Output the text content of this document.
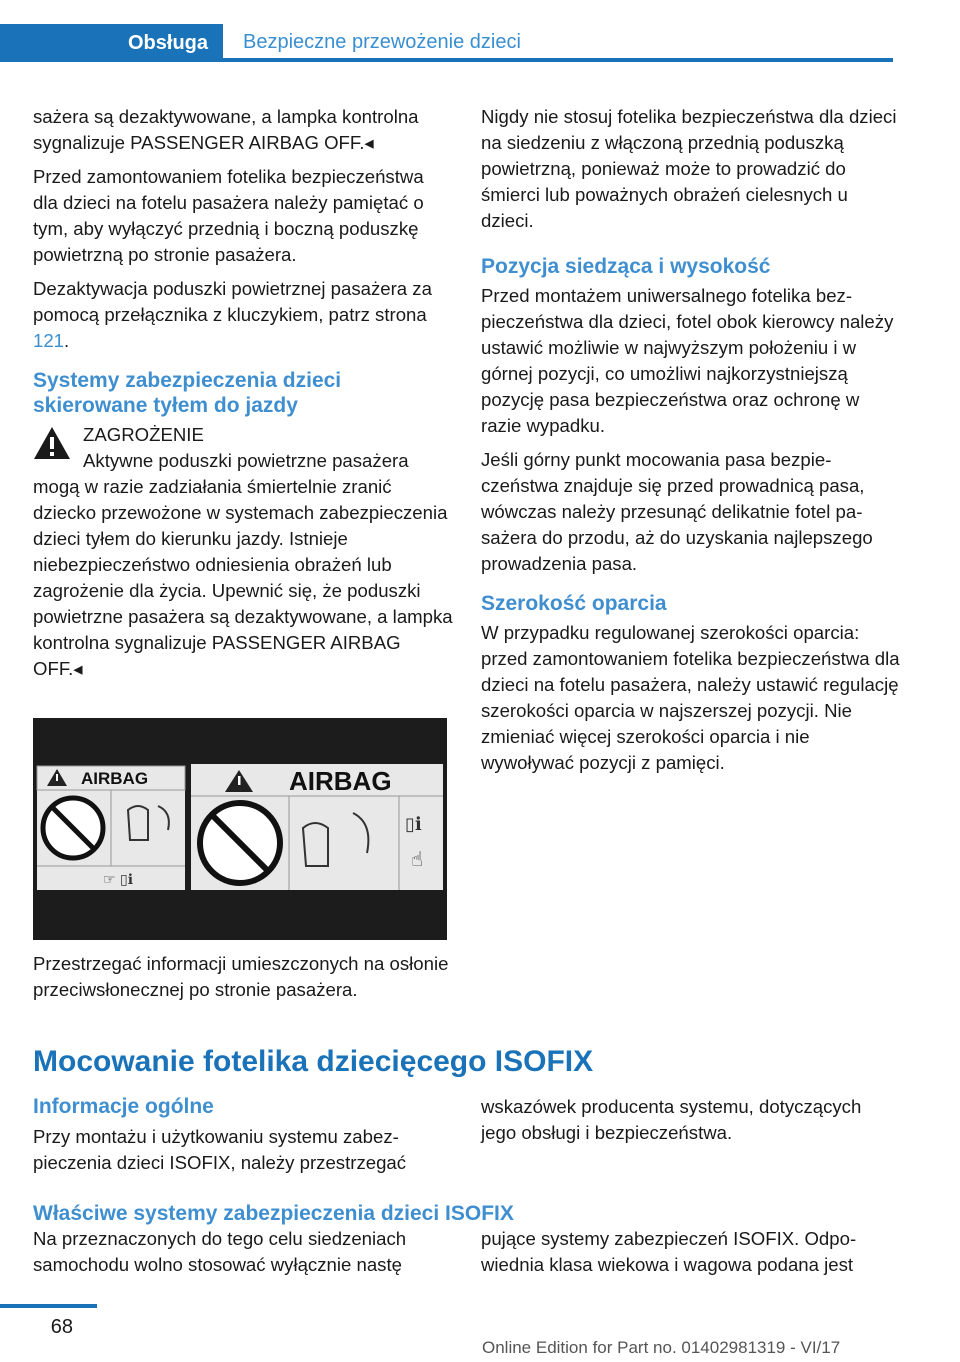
Obsługa	Bezpieczne przewożenie dzieci

sażera są dezaktywowane, a lampka kontrolna sygnalizuje PASSENGER AIRBAG OFF.◂

Przed zamontowaniem fotelika bezpieczeństwa dla dzieci na fotelu pasażera należy pamiętać o tym, aby wyłączyć przednią i boczną poduszkę powietrzną po stronie pasażera.

Dezaktywacja poduszki powietrznej pasażera za pomocą przełącznika z kluczykiem, patrz strona 121.

Systemy zabezpieczenia dzieci skierowane tyłem do jazdy
ZAGROŻENIE
Aktywne poduszki powietrzne pasażera
mogą w razie zadziałania śmiertelnie zranić dziecko przewożone w systemach zabezpieczenia dzieci tyłem do kierunku jazdy. Istnieje niebezpieczeństwo odniesienia obrażeń lub zagrożenie dla życia. Upewnić się, że poduszki powietrzne pasażera są dezaktywowane, a lampka kontrolna sygnalizuje PASSENGER AIRBAG OFF.◂
AIRBAG
☞ ▯ℹ
AIRBAG
▯ℹ
☝
Przestrzegać informacji umieszczonych na osłonie przeciwsłonecznej po stronie pasażera.

Nigdy nie stosuj fotelika bezpieczeństwa dla dzieci na siedzeniu z włączoną przednią poduszką powietrzną, ponieważ może to prowadzić do śmierci lub poważnych obrażeń cielesnych u dzieci.

Pozycja siedząca i wysokość

Przed montażem uniwersalnego fotelika bezpieczeństwa dla dzieci, fotel obok kierowcy należy ustawić możliwie w najwyższym położeniu i w górnej pozycji, co umożliwi najkorzystniejszą pozycję pasa bezpieczeństwa oraz ochronę w razie wypadku.

Jeśli górny punkt mocowania pasa bezpieczeństwa znajduje się przed prowadnicą pasa, wówczas należy przesunąć delikatnie fotel pasażera do przodu, aż do uzyskania najlepszego prowadzenia pasa.

Szerokość oparcia

W przypadku regulowanej szerokości oparcia: przed zamontowaniem fotelika bezpieczeństwa dla dzieci na fotelu pasażera, należy ustawić regulację szerokości oparcia w najszerszej pozycji. Nie zmieniać więcej szerokości oparcia i nie wywoływać pozycji z pamięci.

Mocowanie fotelika dziecięcego ISOFIX
Informacje ogólne
Przy montażu i użytkowaniu systemu zabezpieczenia dzieci ISOFIX, należy przestrzegać
wskazówek producenta systemu, dotyczących jego obsługi i bezpieczeństwa.
Właściwe systemy zabezpieczenia dzieci ISOFIX
Na przeznaczonych do tego celu siedzeniach samochodu wolno stosować wyłącznie nastę
pujące systemy zabezpieczeń ISOFIX. Odpowiednia klasa wiekowa i wagowa podana jest
68
Online Edition for Part no. 01402981319 - VI/17
